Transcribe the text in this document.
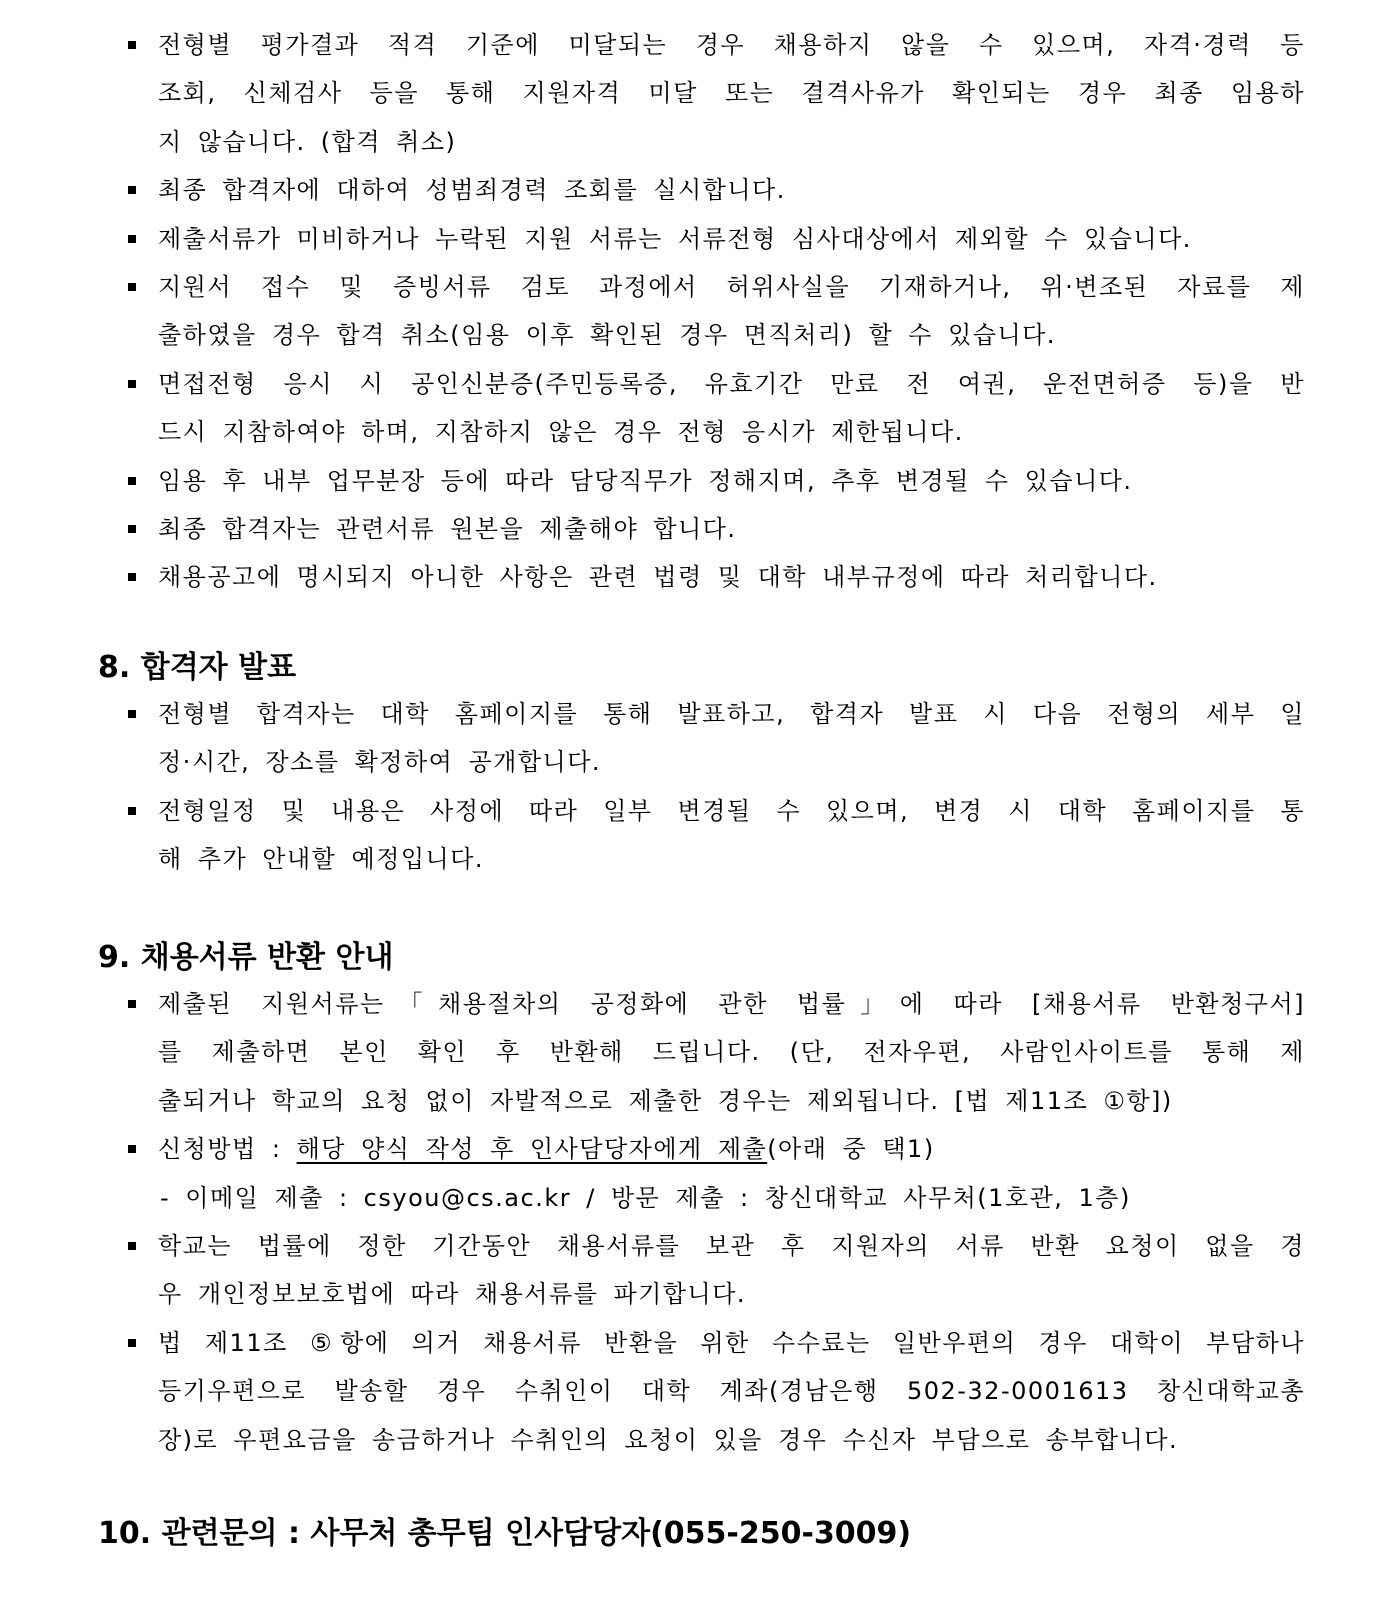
전형별 평가결과 적격 기준에 미달되는 경우 채용하지 않을 수 있으며, 자격·경력 등
조회, 신체검사 등을 통해 지원자격 미달 또는 결격사유가 확인되는 경우 최종 임용하
지 않습니다. (합격 취소)
최종 합격자에 대하여 성범죄경력 조회를 실시합니다.
제출서류가 미비하거나 누락된 지원 서류는 서류전형 심사대상에서 제외할 수 있습니다.
지원서 접수 및 증빙서류 검토 과정에서 허위사실을 기재하거나, 위·변조된 자료를 제
출하였을 경우 합격 취소(임용 이후 확인된 경우 면직처리) 할 수 있습니다.
면접전형 응시 시 공인신분증(주민등록증, 유효기간 만료 전 여권, 운전면허증 등)을 반
드시 지참하여야 하며, 지참하지 않은 경우 전형 응시가 제한됩니다.
임용 후 내부 업무분장 등에 따라 담당직무가 정해지며, 추후 변경될 수 있습니다.
최종 합격자는 관련서류 원본을 제출해야 합니다.
채용공고에 명시되지 아니한 사항은 관련 법령 및 대학 내부규정에 따라 처리합니다.
8. 합격자 발표
전형별 합격자는 대학 홈페이지를 통해 발표하고, 합격자 발표 시 다음 전형의 세부 일
정·시간, 장소를 확정하여 공개합니다.
전형일정 및 내용은 사정에 따라 일부 변경될 수 있으며, 변경 시 대학 홈페이지를 통
해 추가 안내할 예정입니다.
9. 채용서류 반환 안내
제출된 지원서류는「채용절차의 공정화에 관한 법률」에 따라 [채용서류 반환청구서]
를 제출하면 본인 확인 후 반환해 드립니다. (단, 전자우편, 사람인사이트를 통해 제
출되거나 학교의 요청 없이 자발적으로 제출한 경우는 제외됩니다. [법 제11조 ①항])
신청방법 : 해당 양식 작성 후 인사담당자에게 제출(아래 중 택1)
- 이메일 제출 : csyou@cs.ac.kr / 방문 제출 : 창신대학교 사무처(1호관, 1층)
학교는 법률에 정한 기간동안 채용서류를 보관 후 지원자의 서류 반환 요청이 없을 경
우 개인정보보호법에 따라 채용서류를 파기합니다.
법 제11조 ⑤항에 의거 채용서류 반환을 위한 수수료는 일반우편의 경우 대학이 부담하나
등기우편으로 발송할 경우 수취인이 대학 계좌(경남은행 502-32-0001613 창신대학교총
장)로 우편요금을 송금하거나 수취인의 요청이 있을 경우 수신자 부담으로 송부합니다.
10. 관련문의 : 사무처 총무팀 인사담당자(055-250-3009)
